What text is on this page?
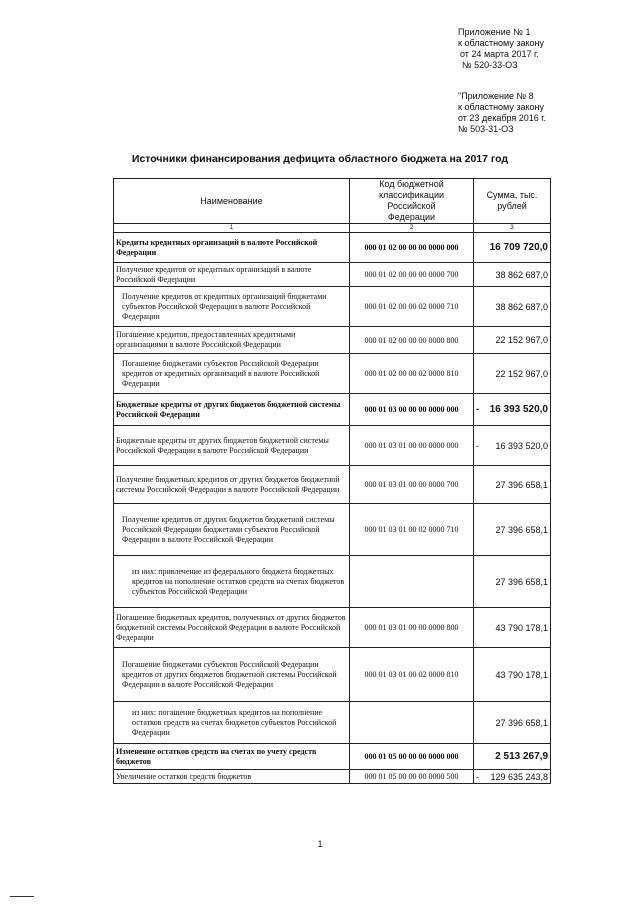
Приложение № 1
к областному закону
от 24 марта 2017 г.
№ 520-33-ОЗ
"Приложение № 8
к областному закону
от 23 декабря 2016 г.
№ 503-31-ОЗ
Источники финансирования дефицита областного бюджета на 2017 год
Наименование	Код бюджетной классификации Российской Федерации	Сумма, тыс. рублей
1	2	3
Кредиты кредитных организаций в валюте Российской Федерации	000 01 02 00 00 00 0000 000	16 709 720,0
Получение кредитов от кредитных организаций в валюте Российской Федерации	000 01 02 00 00 00 0000 700	38 862 687,0
Получение кредитов от кредитных организаций бюджетами субъектов Российской Федерации в валюте Российской Федерации	000 01 02 00 00 02 0000 710	38 862 687,0
Погашение кредитов, предоставленных кредитными организациями в валюте Российской Федерации	000 01 02 00 00 00 0000 800	22 152 967,0
Погашение бюджетами субъектов Российской Федерации кредитов от кредитных организаций в валюте Российской Федерации	000 01 02 00 00 02 0000 810	22 152 967,0
Бюджетные кредиты от других бюджетов бюджетной системы Российской Федерации	000 01 03 00 00 00 0000 000	- 16 393 520,0
Бюджетные кредиты от других бюджетов бюджетной системы Российской Федерации в валюте Российской Федерации	000 01 03 01 00 00 0000 000	- 16 393 520,0
Получение бюджетных кредитов от других бюджетов бюджетной системы Российской Федерации в валюте Российской Федерации	000 01 03 01 00 00 0000 700	27 396 658,1
Получение кредитов от других бюджетов бюджетной системы Российской Федерации бюджетами субъектов Российской Федерации в валюте Российской Федерации	000 01 03 01 00 02 0000 710	27 396 658,1
из них: привлечение из федерального бюджета бюджетных кредитов на пополнение остатков средств на счетах бюджетов субъектов Российской Федерации		27 396 658,1
Погашение бюджетных кредитов, полученных от других бюджетов бюджетной системы Российской Федерации в валюте Российской Федерации	000 01 03 01 00 00 0000 800	43 790 178,1
Погашение бюджетами субъектов Российской Федерации кредитов от других бюджетов бюджетной системы Российской Федерации в валюте Российской Федерации	000 01 03 01 00 02 0000 810	43 790 178,1
из них: погашение бюджетных кредитов на пополнение остатков средств на счетах бюджетов субъектов Российской Федерации		27 396 658,1
Изменение остатков средств на счетах по учету средств бюджетов	000 01 05 00 00 00 0000 000	2 513 267,9
Увеличение остатков средств бюджетов	000 01 05 00 00 00 0000 500	- 129 635 243,8
1
